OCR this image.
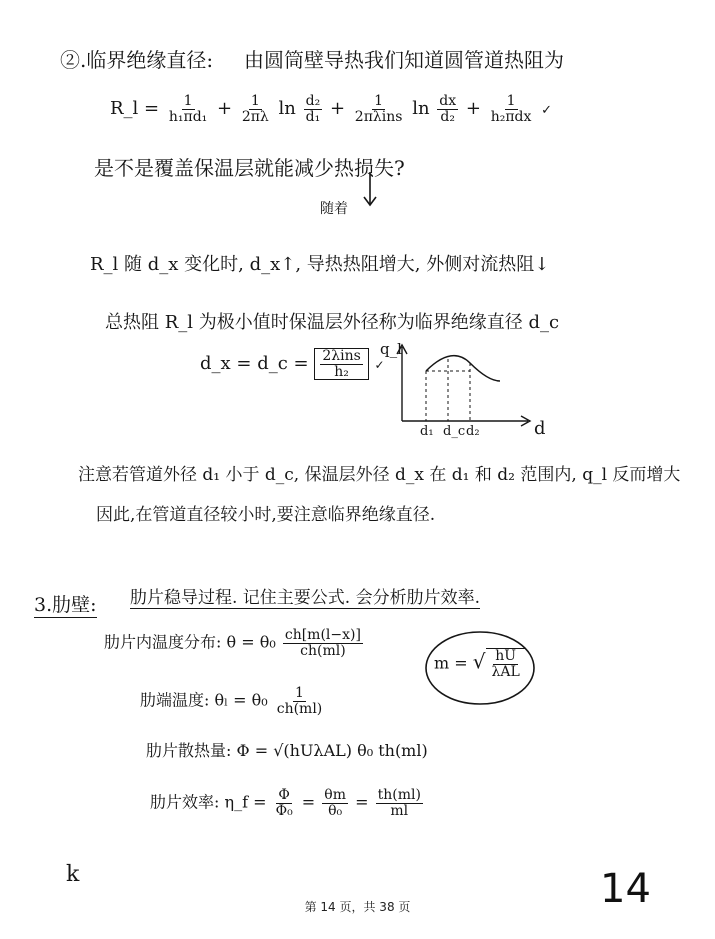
②.临界绝缘直径: 由圆筒壁导热我们知道圆管道热阻为
R_l = $\frac{1}{\text{h₁πd₁}} + \frac{1}{2\pi\lambda}$ $\ln \frac{\text{d₂}}{\text{d₁}} + \frac{1}{\text{2πλins}}$ $\ln \frac{dx}{\text{d₂}} + \frac{1}{\text{h₂πdx}}$ ✓
是不是覆盖保温层就能减少热损失?
随着
R_l 随 d_x 变化时, d_x↑, 导热热阻增大, 外侧对流热阻↓
总热阻 R_l 为极小值时保温层外径称为临界绝缘直径 d_c
d_x = d_c = $\frac{\text{2λins}}{\text{h₂}}$ ✓
q_l
d
d₁ d_c d₂
注意若管道外径 d₁ 小于 d_c, 保温层外径 d_x 在 d₁ 和 d₂ 范围内, q_l 反而增大
因此,在管道直径较小时,要注意临界绝缘直径.
3.肋壁: 肋片稳导过程. 记住主要公式. 会分析肋片效率.
肋片内温度分布: $\theta = \theta_0 \frac{ch[m(l-x)]}{ch(ml)}$
m = √ $\frac{hU}{\text{λAL}}$
肋端温度: $\theta_l = \theta_0 \frac{1}{ch(ml)}$
肋片散热量: Φ = √(hUλAL) θ₀ th(ml)
肋片效率: η_f = $\frac{\Phi}{\text{Φ₀}} = \frac{\theta m}{\text{θ₀}} = \frac{th(ml)}{ml}$
k	14
第 14 页，共 38 页
